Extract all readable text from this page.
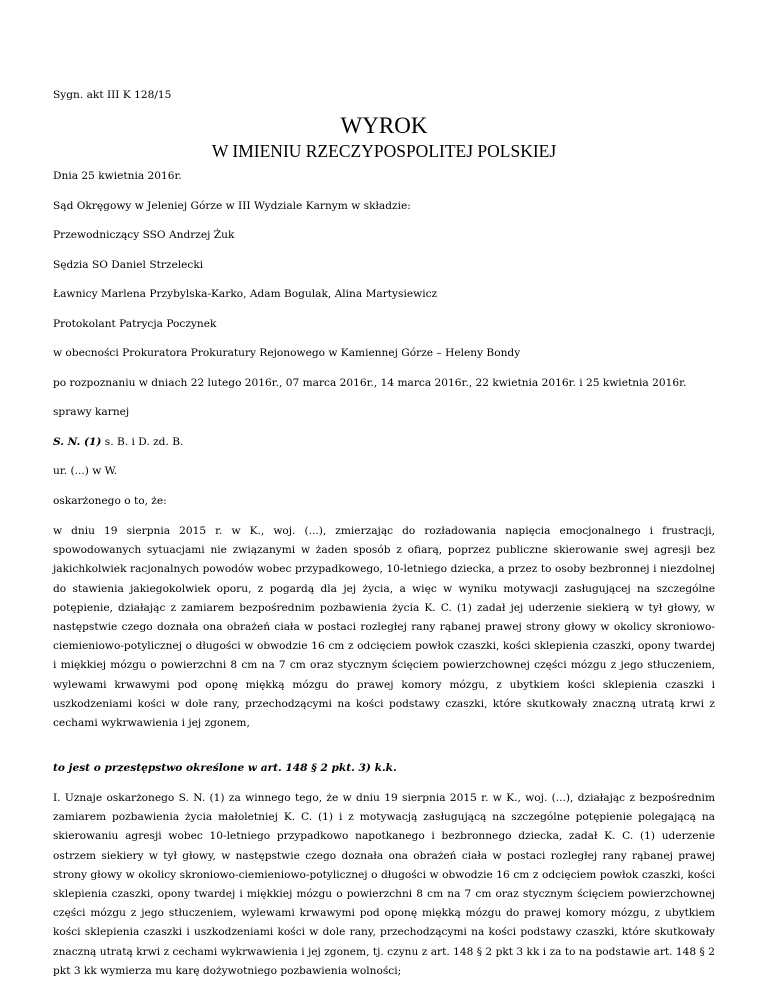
Sygn. akt III K 128/15
WYROK
W IMIENIU RZECZYPOSPOLITEJ POLSKIEJ
Dnia 25 kwietnia 2016r.
Sąd Okręgowy w Jeleniej Górze w III Wydziale Karnym w składzie:
Przewodniczący SSO Andrzej Żuk
Sędzia SO Daniel Strzelecki
Ławnicy Marlena Przybylska-Karko, Adam Bogulak, Alina Martysiewicz
Protokolant Patrycja Poczynek
w obecności Prokuratora Prokuratury Rejonowego w Kamiennej Górze – Heleny Bondy
po rozpoznaniu w dniach 22 lutego 2016r., 07 marca 2016r., 14 marca 2016r., 22 kwietnia 2016r. i 25 kwietnia 2016r.
sprawy karnej
S. N. (1) s. B. i D. zd. B.
ur. (...) w W.
oskarżonego o to, że:
w dniu 19 sierpnia 2015 r. w K., woj. (...), zmierzając do rozładowania napięcia emocjonalnego i frustracji, spowodowanych sytuacjami nie związanymi w żaden sposób z ofiarą, poprzez publiczne skierowanie swej agresji bez jakichkolwiek racjonalnych powodów wobec przypadkowego, 10-letniego dziecka, a przez to osoby bezbronnej i niezdolnej do stawienia jakiegokolwiek oporu, z pogardą dla jej życia, a więc w wyniku motywacji zasługującej na szczególne potępienie, działając z zamiarem bezpośrednim pozbawienia życia K. C. (1) zadał jej uderzenie siekierą w tył głowy, w następstwie czego doznała ona obrażeń ciała w postaci rozległej rany rąbanej prawej strony głowy w okolicy skroniowo-ciemieniowo-potylicznej o długości w obwodzie 16 cm z odcięciem powłok czaszki, kości sklepienia czaszki, opony twardej i miękkiej mózgu o powierzchni 8 cm na 7 cm oraz stycznym ścięciem powierzchownej części mózgu z jego stłuczeniem, wylewami krwawymi pod oponę miękką mózgu do prawej komory mózgu, z ubytkiem kości sklepienia czaszki i uszkodzeniami kości w dole rany, przechodzącymi na kości podstawy czaszki, które skutkowały znaczną utratą krwi z cechami wykrwawienia i jej zgonem,
to jest o przestępstwo określone w art. 148 § 2 pkt. 3) k.k.
I. Uznaje oskarżonego S. N. (1) za winnego tego, że w dniu 19 sierpnia 2015 r. w K., woj. (...), działając z bezpośrednim zamiarem pozbawienia życia małoletniej K. C. (1) i z motywacją zasługującą na szczególne potępienie polegającą na skierowaniu agresji wobec 10-letniego przypadkowo napotkanego i bezbronnego dziecka, zadał K. C. (1) uderzenie ostrzem siekiery w tył głowy, w następstwie czego doznała ona obrażeń ciała w postaci rozległej rany rąbanej prawej strony głowy w okolicy skroniowo-ciemieniowo-potylicznej o długości w obwodzie 16 cm z odcięciem powłok czaszki, kości sklepienia czaszki, opony twardej i miękkiej mózgu o powierzchni 8 cm na 7 cm oraz stycznym ścięciem powierzchownej części mózgu z jego stłuczeniem, wylewami krwawymi pod oponę miękką mózgu do prawej komory mózgu, z ubytkiem kości sklepienia czaszki i uszkodzeniami kości w dole rany, przechodzącymi na kości podstawy czaszki, które skutkowały znaczną utratą krwi z cechami wykrwawienia i jej zgonem, tj. czynu z art. 148 § 2 pkt 3 kk i za to na podstawie art. 148 § 2 pkt 3 kk wymierza mu karę dożywotniego pozbawienia wolności;
